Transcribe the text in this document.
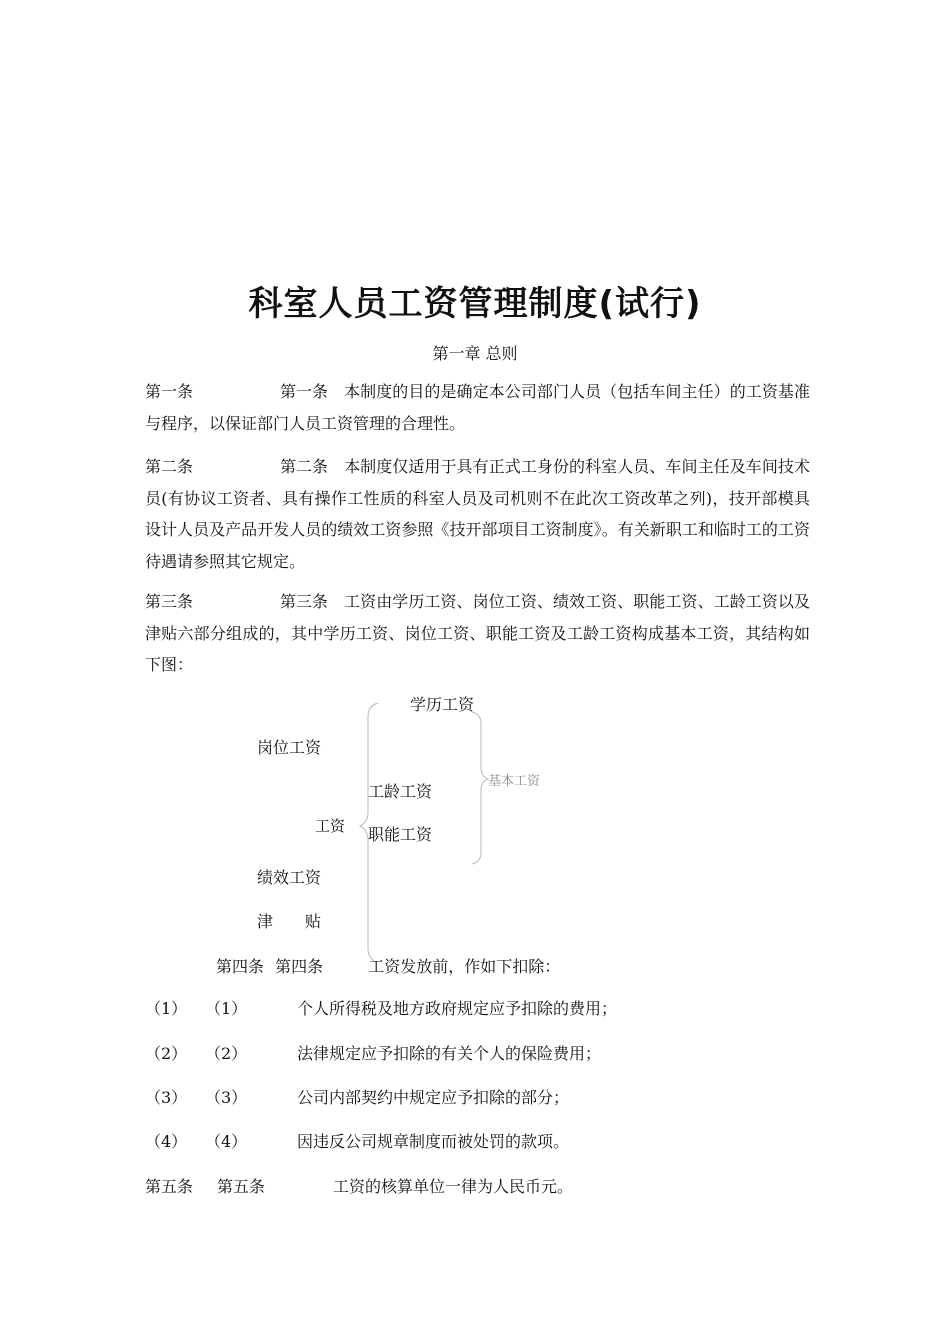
科室人员工资管理制度(试行)

第一章 总则

第一条	第一条 本制度的目的是确定本公司部门人员（包括车间主任）的工资基准与程序，以保证部门人员工资管理的合理性。

第二条	第二条 本制度仅适用于具有正式工身份的科室人员、车间主任及车间技术员(有协议工资者、具有操作工性质的科室人员及司机则不在此次工资改革之列)，技开部模具设计人员及产品开发人员的绩效工资参照《技开部项目工资制度》。有关新职工和临时工的工资待遇请参照其它规定。

第三条	第三条 工资由学历工资、岗位工资、绩效工资、职能工资、工龄工资以及津贴六部分组成的，其中学历工资、岗位工资、职能工资及工龄工资构成基本工资，其结构如下图：

学历工资
岗位工资
工龄工资
基本工资
工资 职能工资
绩效工资
津　　贴
第四条 第四条	工资发放前，作如下扣除：
（1） （1）	个人所得税及地方政府规定应予扣除的费用；
（2） （2）	法律规定应予扣除的有关个人的保险费用；
（3） （3）	公司内部契约中规定应予扣除的部分；
（4） （4）	因违反公司规章制度而被处罚的款项。
第五条 第五条	工资的核算单位一律为人民币元。
